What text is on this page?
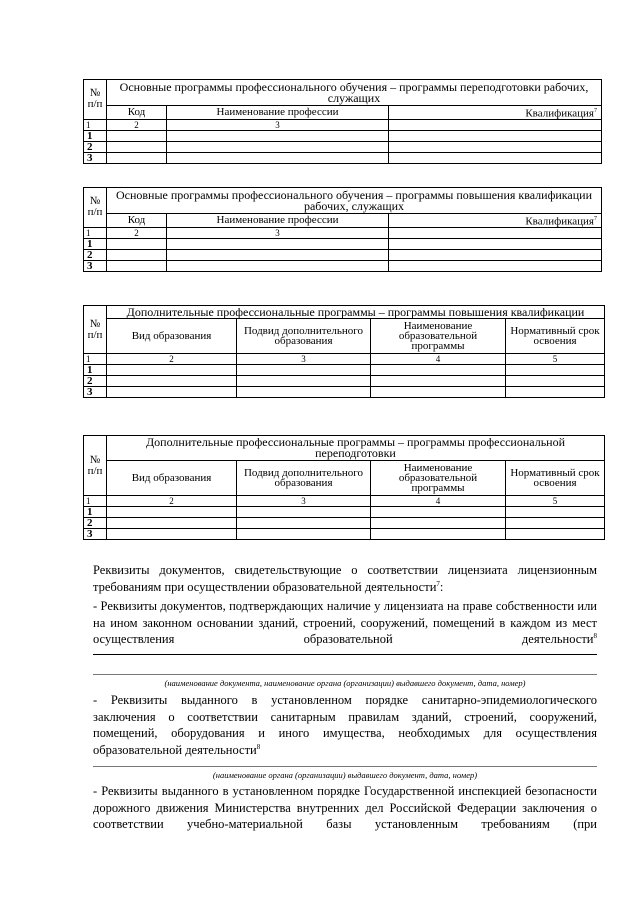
№ п/п	Основные программы профессионального обучения – программы переподготовки рабочих, служащих		
	Код	Наименование профессии	Квалификация$^7$
1	2	3	
1			
2			
3			
№ п/п	Основные программы профессионального обучения – программы повышения квалификации рабочих, служащих		
	Код	Наименование профессии	Квалификация$^7$
1	2	3	
1			
2			
3			
№ п/п	Дополнительные профессиональные программы – программы повышения квалификации			
	Вид образования	Подвид дополнительного образования	Наименование образовательной программы	Нормативный срок освоения
1	2	3	4	5
1				
2				
3				
№ п/п	Дополнительные профессиональные программы – программы профессиональной переподготовки			
	Вид образования	Подвид дополнительного образования	Наименование образовательной программы	Нормативный срок освоения
1	2	3	4	5
1				
2				
3				
Реквизиты документов, свидетельствующие о соответствии лицензиата лицензионным требованиям при осуществлении образовательной деятельности$^7$:
- Реквизиты документов, подтверждающих наличие у лицензиата на праве собственности или на ином законном основании зданий, строений, сооружений, помещений в каждом из мест осуществления образовательной деятельности$^8$
(наименование документа, наименование органа (организации) выдавшего документ, дата, номер)
- Реквизиты выданного в установленном порядке санитарно-эпидемиологического заключения о соответствии санитарным правилам зданий, строений, сооружений, помещений, оборудования и иного имущества, необходимых для осуществления образовательной деятельности$^8$
(наименование органа (организации) выдавшего документ, дата, номер)
- Реквизиты выданного в установленном порядке Государственной инспекцией безопасности дорожного движения Министерства внутренних дел Российской Федерации заключения о соответствии учебно-материальной базы установленным требованиям (при
